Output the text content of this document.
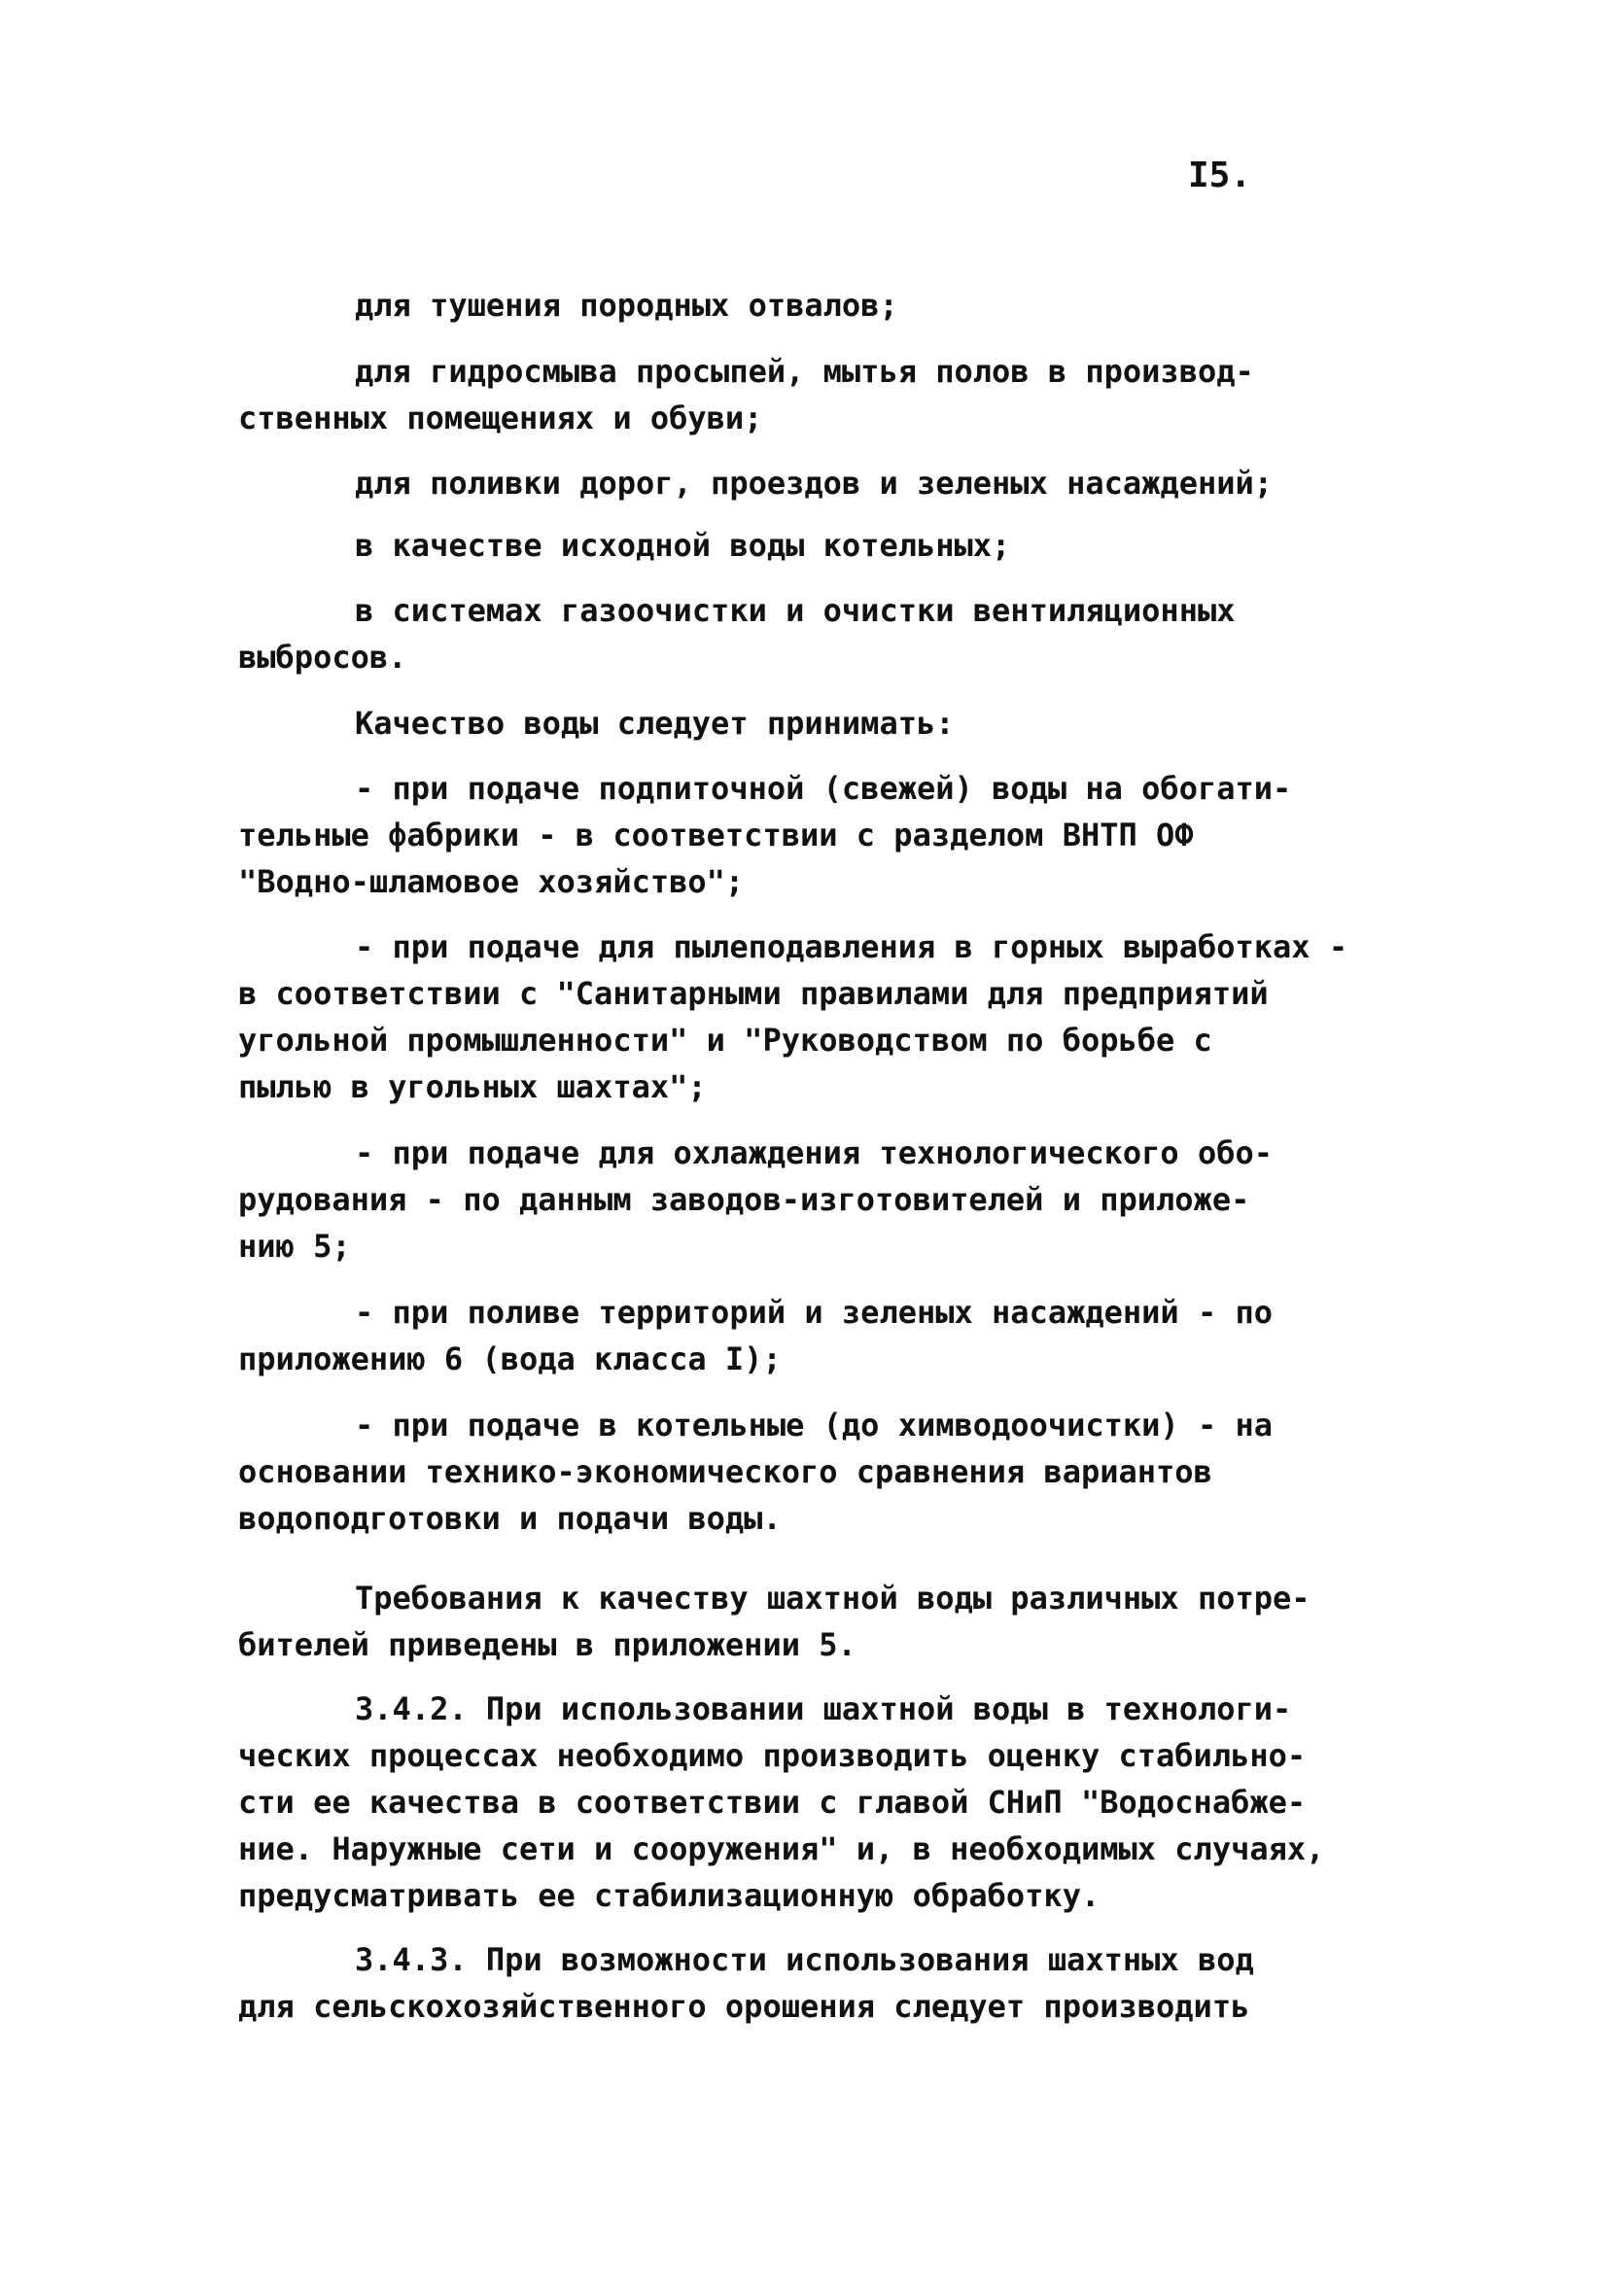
I5.
для тушения породных отвалов;
для гидросмыва просыпей, мытья полов в производ-
ственных помещениях и обуви;
для поливки дорог, проездов и зеленых насаждений;
в качестве исходной воды котельных;
в системах газоочистки и очистки вентиляционных
выбросов.
Качество воды следует принимать:
- при подаче подпиточной (свежей) воды на обогати-
тельные фабрики - в соответствии с разделом ВНТП ОФ
"Водно-шламовое хозяйство";
- при подаче для пылеподавления в горных выработках -
в соответствии с "Санитарными правилами для предприятий
угольной промышленности" и "Руководством по борьбе с
пылью в угольных шахтах";
- при подаче для охлаждения технологического обо-
рудования - по данным заводов-изготовителей и приложе-
нию 5;
- при поливе территорий и зеленых насаждений - по
приложению 6 (вода класса I);
- при подаче в котельные (до химводоочистки) - на
основании технико-экономического сравнения вариантов
водоподготовки и подачи воды.
Требования к качеству шахтной воды различных потре-
бителей приведены в приложении 5.
3.4.2. При использовании шахтной воды в технологи-
ческих процессах необходимо производить оценку стабильно-
сти ее качества в соответствии с главой СНиП "Водоснабже-
ние. Наружные сети и сооружения" и, в необходимых случаях,
предусматривать ее стабилизационную обработку.
3.4.3. При возможности использования шахтных вод
для сельскохозяйственного орошения следует производить
